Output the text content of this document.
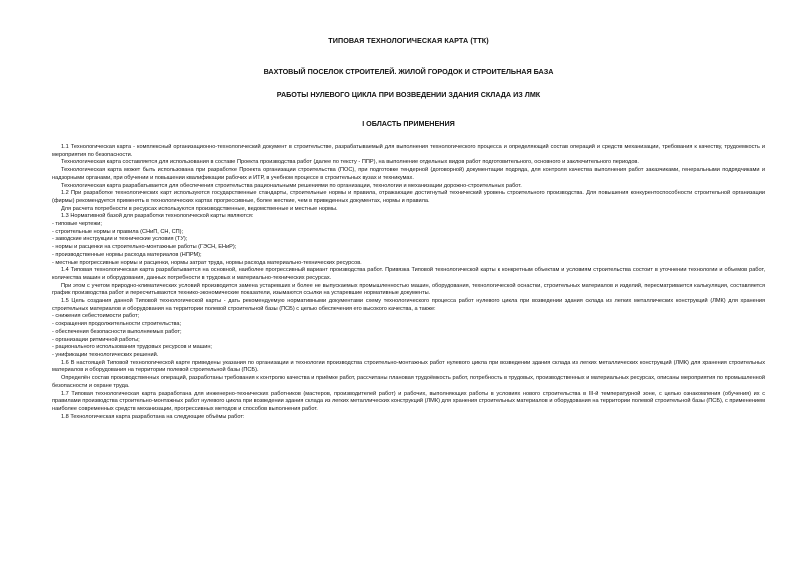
ТИПОВАЯ ТЕХНОЛОГИЧЕСКАЯ КАРТА (ТТК)
ВАХТОВЫЙ ПОСЕЛОК СТРОИТЕЛЕЙ. ЖИЛОЙ ГОРОДОК И СТРОИТЕЛЬНАЯ БАЗА
РАБОТЫ НУЛЕВОГО ЦИКЛА ПРИ ВОЗВЕДЕНИИ ЗДАНИЯ СКЛАДА ИЗ ЛМК
I ОБЛАСТЬ ПРИМЕНЕНИЯ

1.1 Технологическая карта - комплексный организационно-технологический документ в строительстве, разрабатываемый для выполнения технологического процесса и определяющий состав операций и средств механизации, требования к качеству, трудоемкость и мероприятия по безопасности.

Технологическая карта составляется для использования в составе Проекта производства работ (далее по тексту - ППР), на выполнение отдельных видов работ подготовительного, основного и заключительного периодов.

Технологическая карта может быть использована при разработке Проекта организации строительства (ПОС), при подготовке тендерной (договорной) документации подряда, для контроля качества выполнения работ заказчиками, генеральными подрядчиками и надзорными органами, при обучении и повышении квалификации рабочих и ИТР, в учебном процессе в строительных вузах и техникумах.

Технологическая карта разрабатывается для обеспечения строительства рациональными решениями по организации, технологии и механизации дорожно-строительных работ.

1.2 При разработке технологических карт используются государственные стандарты, строительные нормы и правила, отражающие достигнутый технический уровень строительного производства. Для повышения конкурентоспособности строительной организации (фирмы) рекомендуется применять в технологических картах прогрессивные, более жесткие, чем в приведенных документах, нормы и правила.

Для расчета потребности в ресурсах используются производственные, ведомственные и местные нормы.

1.3 Нормативной базой для разработки технологической карты являются:

- типовые чертежи;

- строительные нормы и правила (СНиП, СН, СП);

- заводские инструкции и технические условия (ТУ);

- нормы и расценки на строительно-монтажные работы (ГЭСН, ЕНиР);

- производственные нормы расхода материалов (НПРМ);

- местные прогрессивные нормы и расценки, нормы затрат труда, нормы расхода материально-технических ресурсов.

1.4 Типовая технологическая карта разрабатывается на основной, наиболее прогрессивный вариант производства работ. Привязка Типовой технологической карты к конкретным объектам и условиям строительства состоит в уточнении технологии и объемов работ, количества машин и оборудования, данных потребности в трудовых и материально-технических ресурсах.

При этом с учетом природно-климатических условий производится замена устаревших и более не выпускаемых промышленностью машин, оборудования, технологической оснастки, строительных материалов и изделий, пересматривается калькуляция, составляется график производства работ и пересчитываются технико-экономические показатели, изымаются ссылки на устаревшие нормативные документы.

1.5 Цель создания данной Типовой технологической карты - дать рекомендуемую нормативными документами схему технологического процесса работ нулевого цикла при возведении здания склада из легких металлических конструкций (ЛМК) для хранения строительных материалов и оборудования на территории полевой строительной базы (ПСБ) с целью обеспечения его высокого качества, а также:

- снижения себестоимости работ;

- сокращения продолжительности строительства;

- обеспечения безопасности выполняемых работ;

- организации ритмичной работы;

- рационального использования трудовых ресурсов и машин;

- унификации технологических решений.

1.6 В настоящей Типовой технологической карте приведены указания по организации и технологии производства строительно-монтажных работ нулевого цикла при возведении здания склада из легких металлических конструкций (ЛМК) для хранения строительных материалов и оборудования на территории полевой строительной базы (ПСБ).

Определён состав производственных операций, разработаны требования к контролю качества и приёмке работ, рассчитаны плановая трудоёмкость работ, потребность в трудовых, производственных и материальных ресурсах, описаны мероприятия по промышленной безопасности и охране труда.

1.7 Типовая технологическая карта разработана для инженерно-технических работников (мастеров, производителей работ) и рабочих, выполняющих работы в условиях нового строительства в III-й температурной зоне, с целью ознакомления (обучения) их с правилами производства строительно-монтажных работ нулевого цикла при возведении здания склада из легких металлических конструкций (ЛМК) для хранения строительных материалов и оборудования на территории полевой строительной базы (ПСБ), с применением наиболее современных средств механизации, прогрессивных методов и способов выполнения работ.

1.8 Технологическая карта разработана на следующие объёмы работ:
